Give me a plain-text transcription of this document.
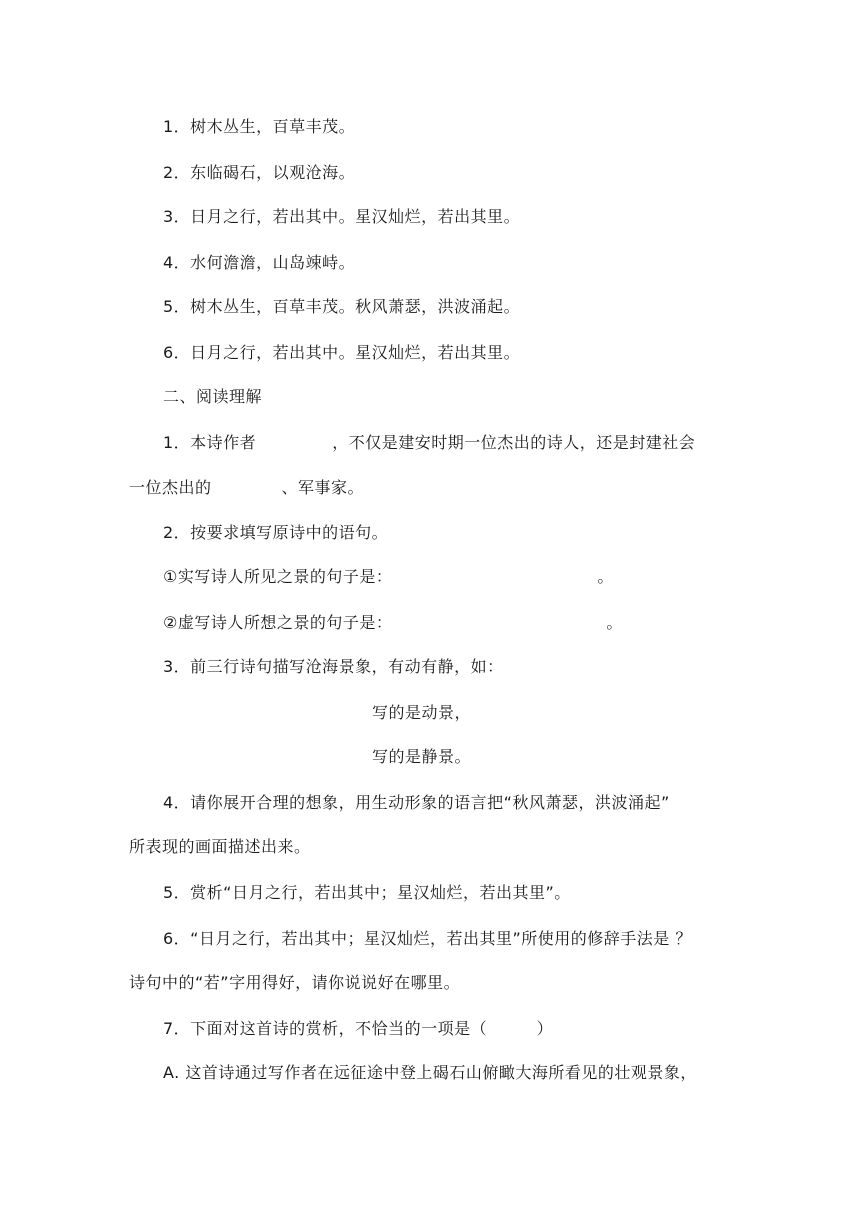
1．树木丛生，百草丰茂。
2．东临碣石，以观沧海。
3．日月之行，若出其中。星汉灿烂，若出其里。
4．水何澹澹，山岛竦峙。
5．树木丛生，百草丰茂。秋风萧瑟，洪波涌起。
6．日月之行，若出其中。星汉灿烂，若出其里。
二、阅读理解
1．本诗作者	，不仅是建安时期一位杰出的诗人，还是封建社会
一位杰出的	、军事家。
2．按要求填写原诗中的语句。
①实写诗人所见之景的句子是：	。
②虚写诗人所想之景的句子是：	。
3．前三行诗句描写沧海景象，有动有静，如：
写的是动景，
写的是静景。
4．请你展开合理的想象，用生动形象的语言把“秋风萧瑟，洪波涌起”
所表现的画面描述出来。
5．赏析“日月之行，若出其中；星汉灿烂，若出其里”。
6．“日月之行，若出其中；星汉灿烂，若出其里”所使用的修辞手法是 ？
诗句中的“若”字用得好，请你说说好在哪里。
7．下面对这首诗的赏析，不恰当的一项是（　　　）
A. 这首诗通过写作者在远征途中登上碣石山俯瞰大海所看见的壮观景象，
